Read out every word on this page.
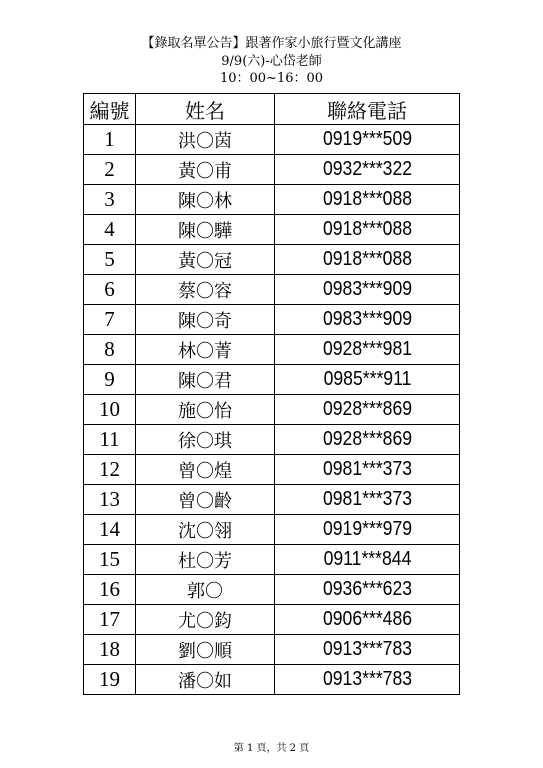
【錄取名單公告】跟著作家小旅行暨文化講座
9/9(六)-心岱老師
10：00~16：00
編號	姓名	聯絡電話
1	洪〇茵	0919***509
2	黃〇甫	0932***322
3	陳〇林	0918***088
4	陳〇驊	0918***088
5	黃〇冠	0918***088
6	蔡〇容	0983***909
7	陳〇奇	0983***909
8	林〇菁	0928***981
9	陳〇君	0985***911
10	施〇怡	0928***869
11	徐〇琪	0928***869
12	曾〇煌	0981***373
13	曾〇齡	0981***373
14	沈〇翎	0919***979
15	杜〇芳	0911***844
16	郭〇	0936***623
17	尤〇鈞	0906***486
18	劉〇順	0913***783
19	潘〇如	0913***783
第 1 頁，共 2 頁
